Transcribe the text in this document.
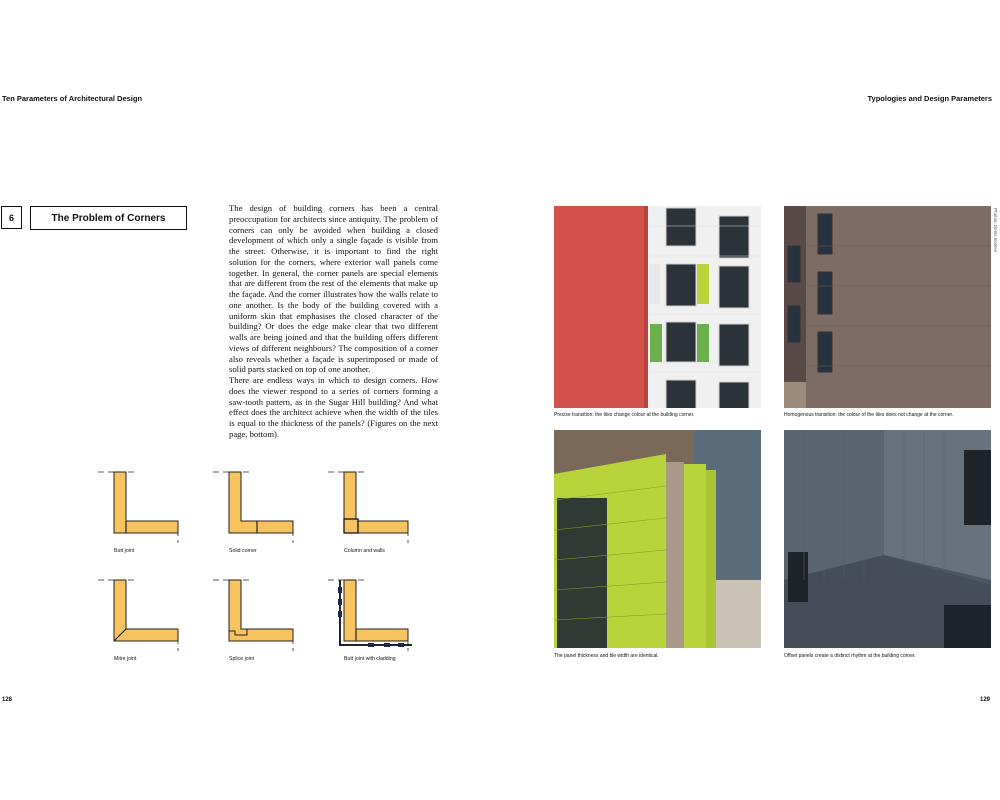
Ten Parameters of Architectural Design	Typologies and Design Parameters
6	The Problem of Corners

The design of building corners has been a central preoccupation for architects since antiquity. The problem of corners can only be avoided when building a closed development of which only a single façade is visible from the street. Otherwise, it is important to find the right solution for the corners, where exterior wall panels come together. In general, the corner panels are special elements that are different from the rest of the elements that make up the façade. And the corner illustrates how the walls relate to one another. Is the body of the building covered with a uniform skin that emphasises the closed character of the building? Or does the edge make clear that two different walls are being joined and that the building offers different views of different neighbours? The composition of a corner also reveals whether a façade is superimposed or made of solid parts stacked on top of one another.

There are endless ways in which to design corners. How does the viewer respond to a series of corners forming a saw-tooth pattern, as in the Sugar Hill building? And what effect does the architect achieve when the width of the tiles is equal to the thickness of the panels? (Figures on the next page, bottom).

Butt joint	Solid corner	Column and walls
Mitre joint	Splice joint	Butt joint with cladding
Precise transition: the tiles change colour at the building corner.	Homogenous transition: the colour of the tiles does not change at the corner.
The panel thickness and tile width are identical.	Offset panels create a distinct rhythm at the building corner.
Photos: Denis Boelen
128	129
